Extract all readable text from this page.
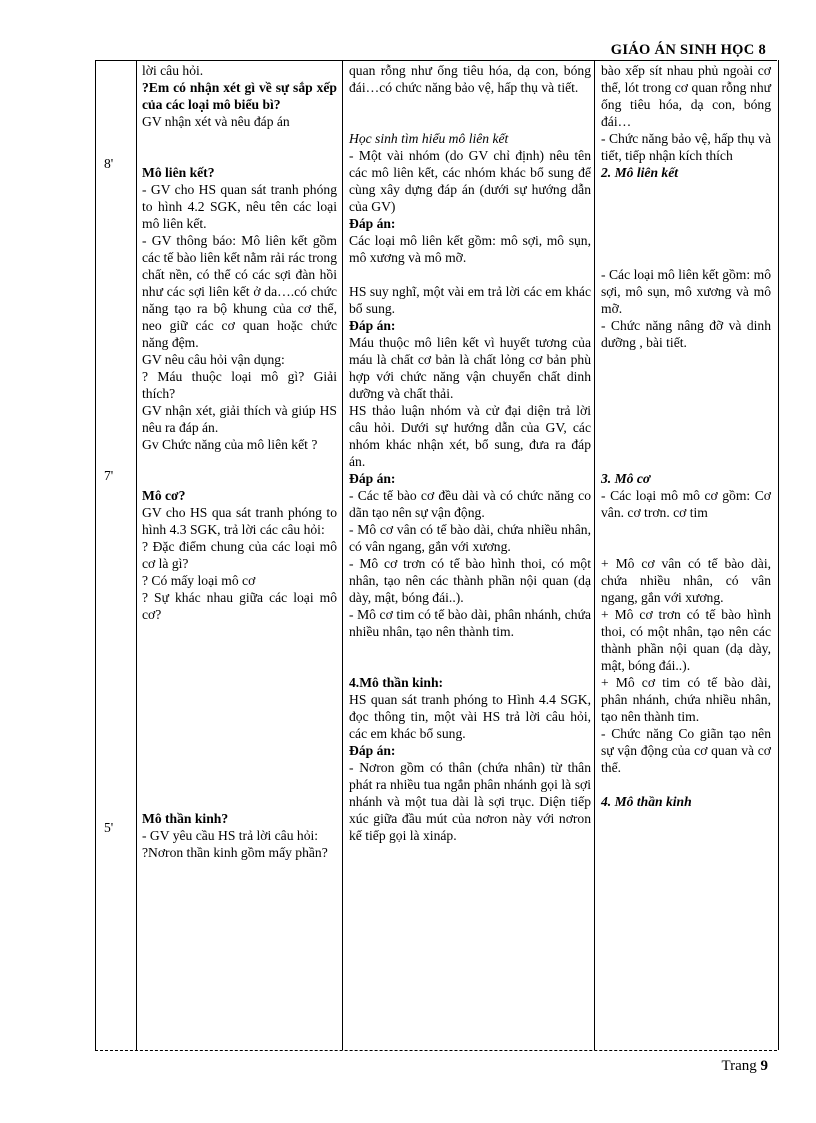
GIÁO ÁN SINH HỌC 8
8'
7'
5'

lời câu hỏi.

?Em có nhận xét gì về sự sắp xếp của các loại mô biểu bì?

GV nhận xét và nêu đáp án

Mô liên kết?

- GV cho HS quan sát tranh phóng to hình 4.2 SGK, nêu tên các loại mô liên kết.

- GV thông báo: Mô liên kết gồm các tế bào liên kết nằm rải rác trong chất nền, có thể có các sợi đàn hồi như các sợi liên kết ở da….có chức năng tạo ra bộ khung của cơ thể, neo giữ các cơ quan hoặc chức năng đệm.

GV nêu câu hỏi vận dụng:

? Máu thuộc loại mô gì? Giải thích?

GV nhận xét, giải thích và giúp HS nêu ra đáp án.

Gv Chức năng của mô liên kết ?

Mô cơ?

GV cho HS qua sát tranh phóng to hình 4.3 SGK, trả lời các câu hỏi:

? Đặc điểm chung của các loại mô cơ là gì?

? Có mấy loại mô cơ

? Sự khác nhau giữa các loại mô cơ?

Mô thần kinh?

- GV yêu cầu HS trả lời câu hỏi:

?Nơron thần kinh gồm mấy phần?

quan rỗng như ống tiêu hóa, dạ con, bóng đái…có chức năng bảo vệ, hấp thụ và tiết.

Học sinh tìm hiểu mô liên kết

- Một vài nhóm (do GV chỉ định) nêu tên các mô liên kết, các nhóm khác bổ sung để cùng xây dựng đáp án (dưới sự hướng dẫn của GV)

Đáp án:

Các loại mô liên kết gồm: mô sợi, mô sụn, mô xương và mô mỡ.

HS suy nghĩ, một vài em trả lời các em khác bổ sung.

Đáp án:

Máu thuộc mô liên kết vì huyết tương của máu là chất cơ bản là chất lỏng cơ bản phù hợp với chức năng vận chuyển chất dinh dưỡng và chất thải.

HS thảo luận nhóm và cử đại diện trả lời câu hỏi. Dưới sự hướng dẫn của GV, các nhóm khác nhận xét, bổ sung, đưa ra đáp án.

Đáp án:

- Các tế bào cơ đều dài và có chức năng co dãn tạo nên sự vận động.

- Mô cơ vân có tế bào dài, chứa nhiều nhân, có vân ngang, gắn với xương.

- Mô cơ trơn có tế bào hình thoi, có một nhân, tạo nên các thành phần nội quan (dạ dày, mật, bóng đái..).

- Mô cơ tim có tế bào dài, phân nhánh, chứa nhiều nhân, tạo nên thành tim.

4.Mô thần kinh:

HS quan sát tranh phóng to Hình 4.4 SGK, đọc thông tin, một vài HS trả lời câu hỏi, các em khác bổ sung.

Đáp án:

- Nơron gồm có thân (chứa nhân) từ thân phát ra nhiều tua ngắn phân nhánh gọi là sợi nhánh và một tua dài là sợi trục. Diện tiếp xúc giữa đầu mút của nơron này với nơron kế tiếp gọi là xináp.

bào xếp sít nhau phủ ngoài cơ thể, lót trong cơ quan rỗng như ống tiêu hóa, dạ con, bóng đái…

- Chức năng bảo vệ, hấp thụ và tiết, tiếp nhận kích thích

2. Mô liên kết

- Các loại mô liên kết gồm: mô sợi, mô sụn, mô xương và mô mỡ.

- Chức năng nâng đỡ và dinh dưỡng , bài tiết.

3. Mô cơ

- Các loại mô mô cơ gồm: Cơ vân. cơ trơn. cơ tim

+ Mô cơ vân có tế bào dài, chứa nhiều nhân, có vân ngang, gắn với xương.

+ Mô cơ trơn có tế bào hình thoi, có một nhân, tạo nên các thành phần nội quan (dạ dày, mật, bóng đái..).

+ Mô cơ tim có tế bào dài, phân nhánh, chứa nhiều nhân, tạo nên thành tim.

- Chức năng Co giãn tạo nên sự vận động của cơ quan và cơ thể.

4. Mô thần kinh

Trang 9
